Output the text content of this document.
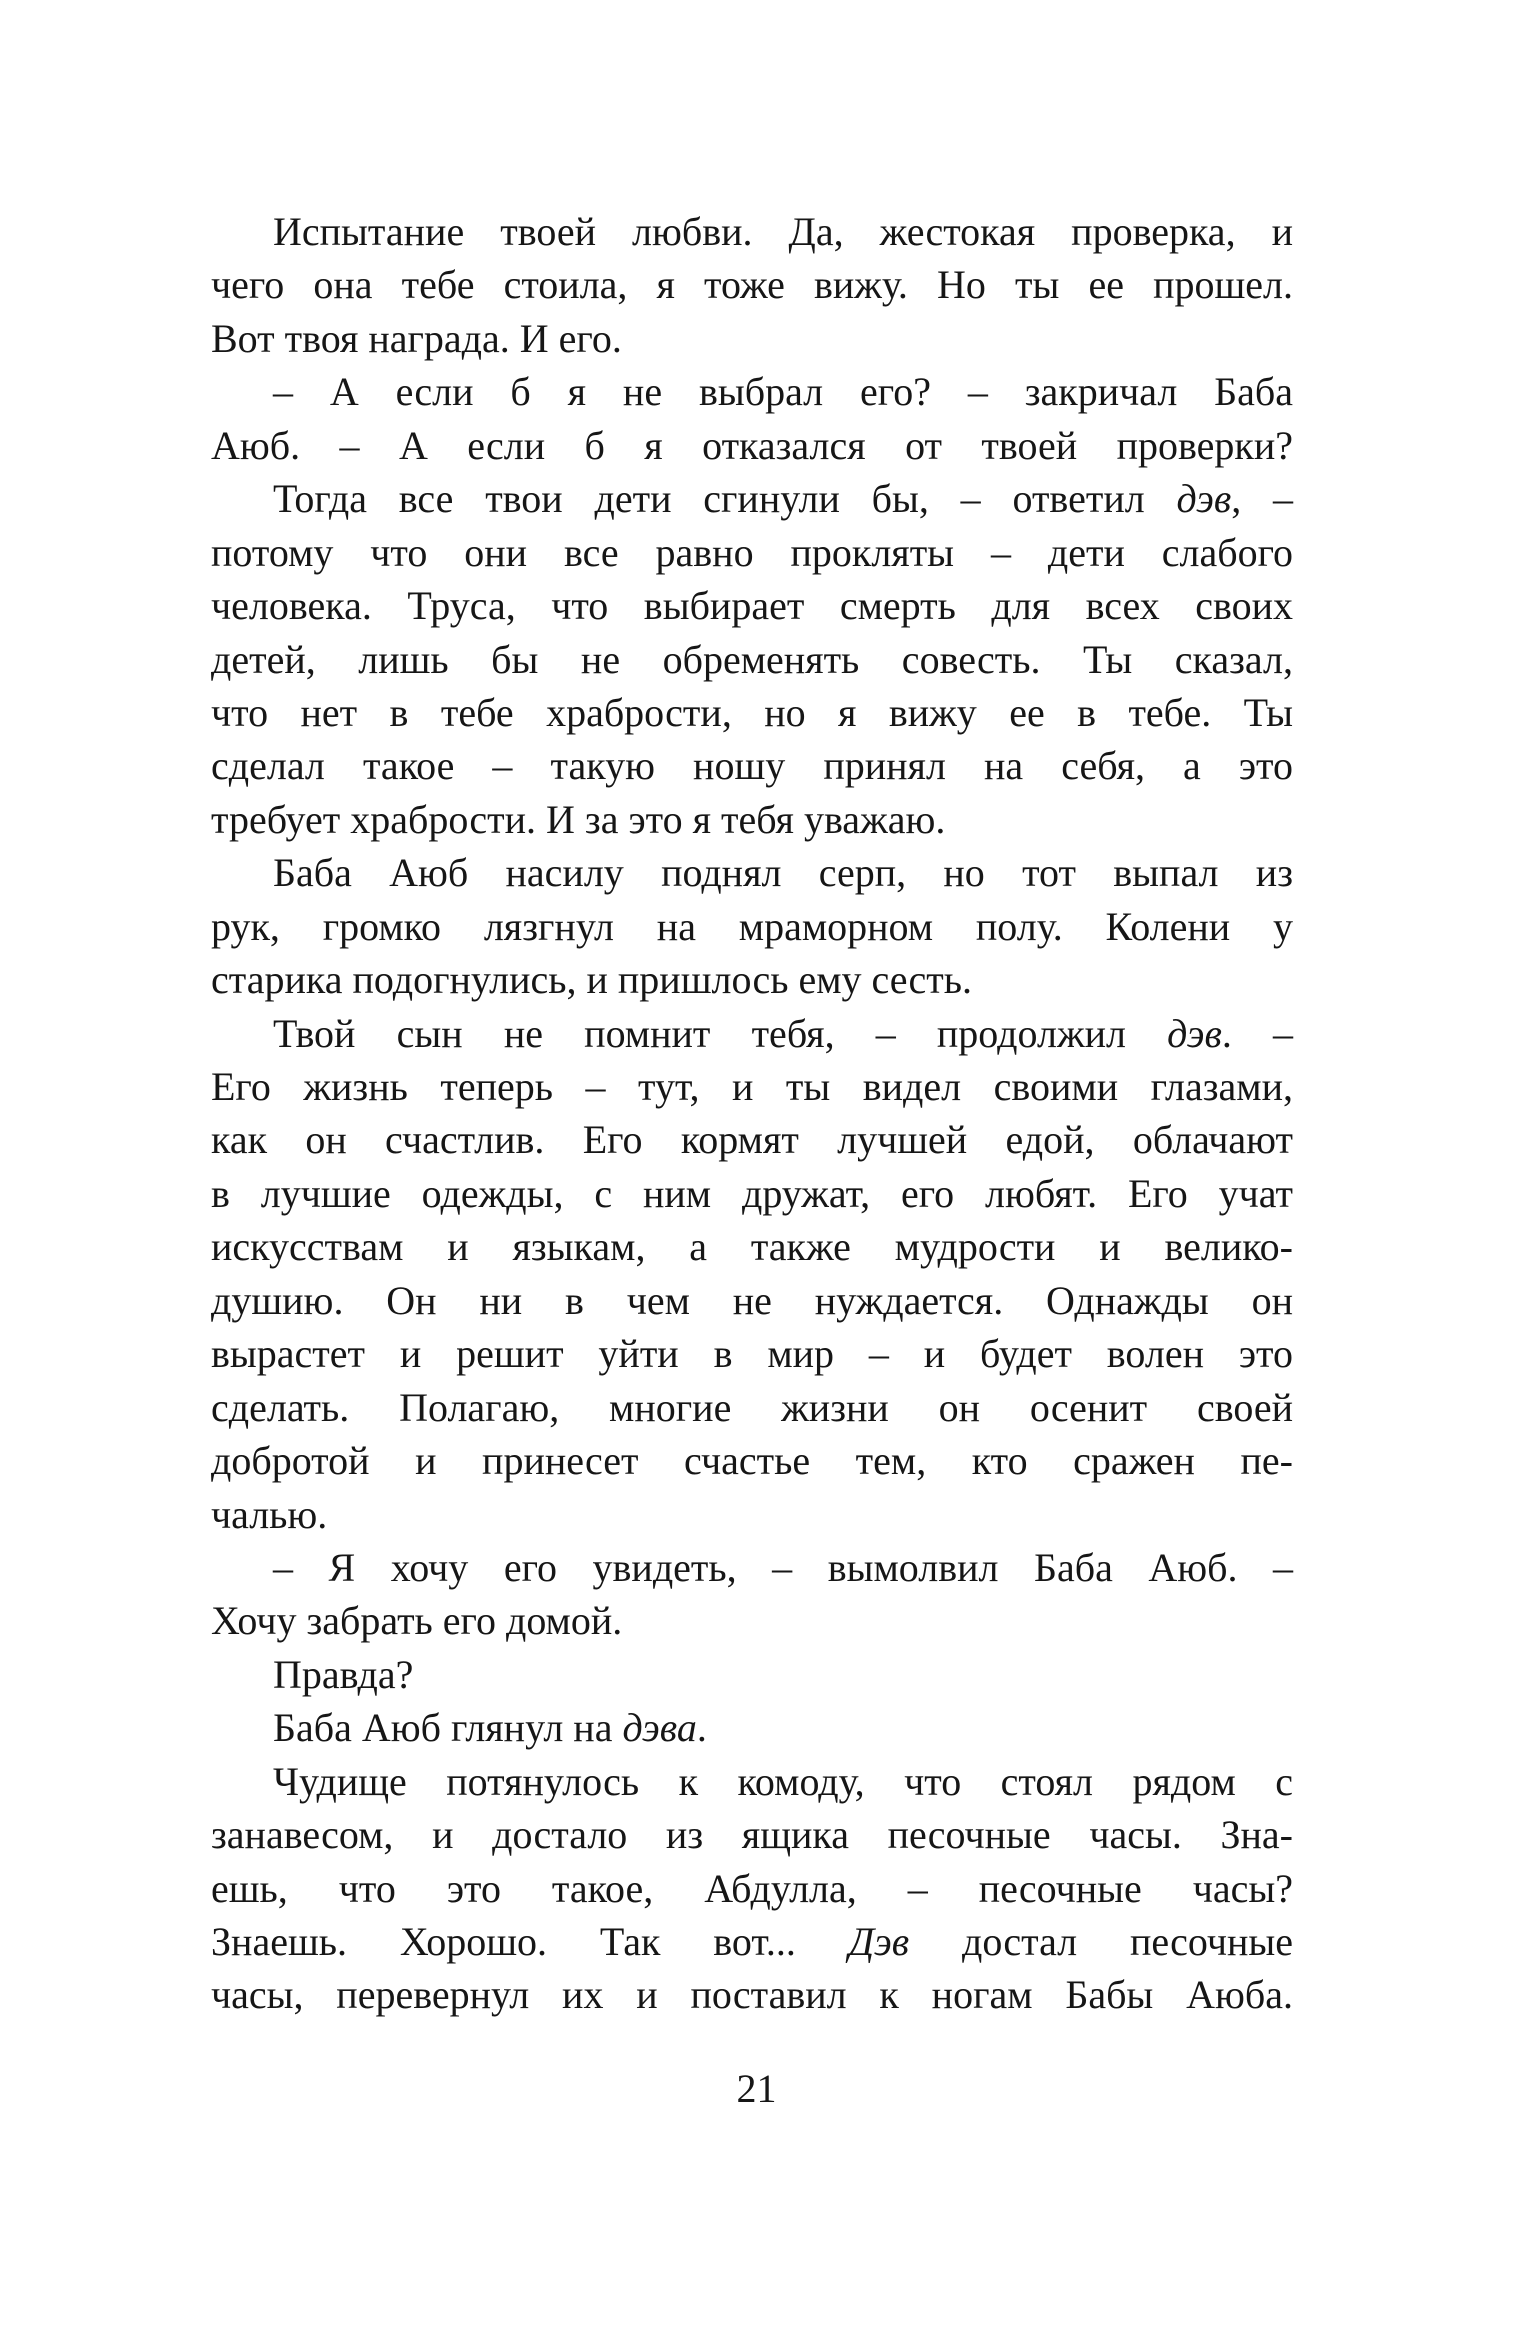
Испытание твоей любви. Да, жестокая проверка, и
чего она тебе стоила, я тоже вижу. Но ты ее прошел.
Вот твоя награда. И его.
– А если б я не выбрал его? – закричал Баба
Аюб. – А если б я отказался от твоей проверки?
Тогда все твои дети сгинули бы, – ответил дэв, –
потому что они все равно прокляты – дети слабого
человека. Труса, что выбирает смерть для всех своих
детей, лишь бы не обременять совесть. Ты сказал,
что нет в тебе храбрости, но я вижу ее в тебе. Ты
сделал такое – такую ношу принял на себя, а это
требует храбрости. И за это я тебя уважаю.
Баба Аюб насилу поднял серп, но тот выпал из
рук, громко лязгнул на мраморном полу. Колени у
старика подогнулись, и пришлось ему сесть.
Твой сын не помнит тебя, – продолжил дэв. –
Его жизнь теперь – тут, и ты видел своими глазами,
как он счастлив. Его кормят лучшей едой, облачают
в лучшие одежды, с ним дружат, его любят. Его учат
искусствам и языкам, а также мудрости и велико-
душию. Он ни в чем не нуждается. Однажды он
вырастет и решит уйти в мир – и будет волен это
сделать. Полагаю, многие жизни он осенит своей
добротой и принесет счастье тем, кто сражен пе-
чалью.
– Я хочу его увидеть, – вымолвил Баба Аюб. –
Хочу забрать его домой.
Правда?
Баба Аюб глянул на дэва.
Чудище потянулось к комоду, что стоял рядом с
занавесом, и достало из ящика песочные часы. Зна-
ешь, что это такое, Абдулла, – песочные часы?
Знаешь. Хорошо. Так вот... Дэв достал песочные
часы, перевернул их и поставил к ногам Бабы Аюба.
21
